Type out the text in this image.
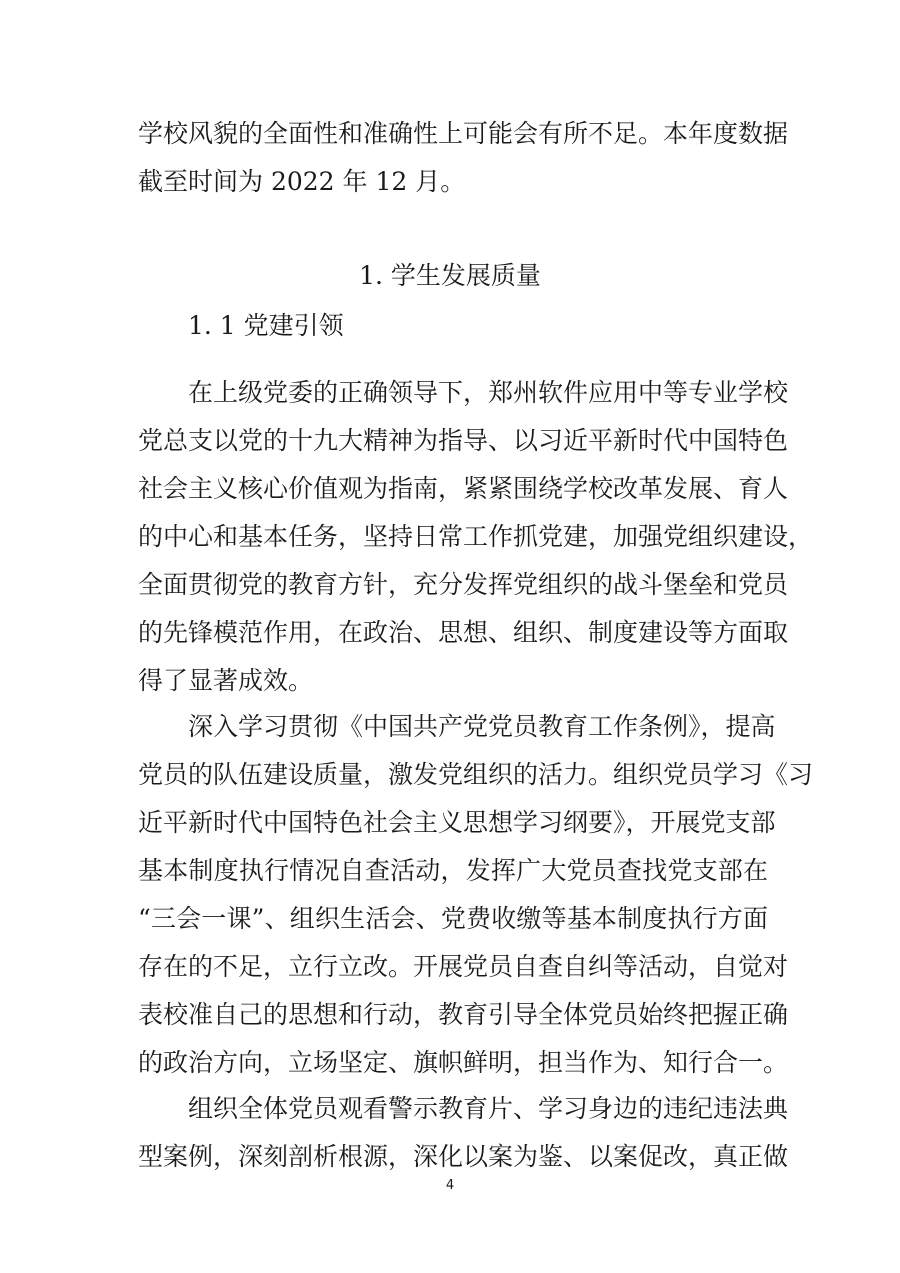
学校风貌的全面性和准确性上可能会有所不足。本年度数据
截至时间为 2022 年 12 月。
1. 学生发展质量
1. 1 党建引领
在上级党委的正确领导下，郑州软件应用中等专业学校
党总支以党的十九大精神为指导、以习近平新时代中国特色
社会主义核心价值观为指南，紧紧围绕学校改革发展、育人
的中心和基本任务，坚持日常工作抓党建，加强党组织建设，
全面贯彻党的教育方针，充分发挥党组织的战斗堡垒和党员
的先锋模范作用，在政治、思想、组织、制度建设等方面取
得了显著成效。
深入学习贯彻《中国共产党党员教育工作条例》，提高
党员的队伍建设质量，激发党组织的活力。组织党员学习《习
近平新时代中国特色社会主义思想学习纲要》，开展党支部
基本制度执行情况自查活动，发挥广大党员查找党支部在
“三会一课”、组织生活会、党费收缴等基本制度执行方面
存在的不足，立行立改。开展党员自查自纠等活动，自觉对
表校准自己的思想和行动，教育引导全体党员始终把握正确
的政治方向，立场坚定、旗帜鲜明，担当作为、知行合一。
组织全体党员观看警示教育片、学习身边的违纪违法典
型案例，深刻剖析根源，深化以案为鉴、以案促改，真正做
4
